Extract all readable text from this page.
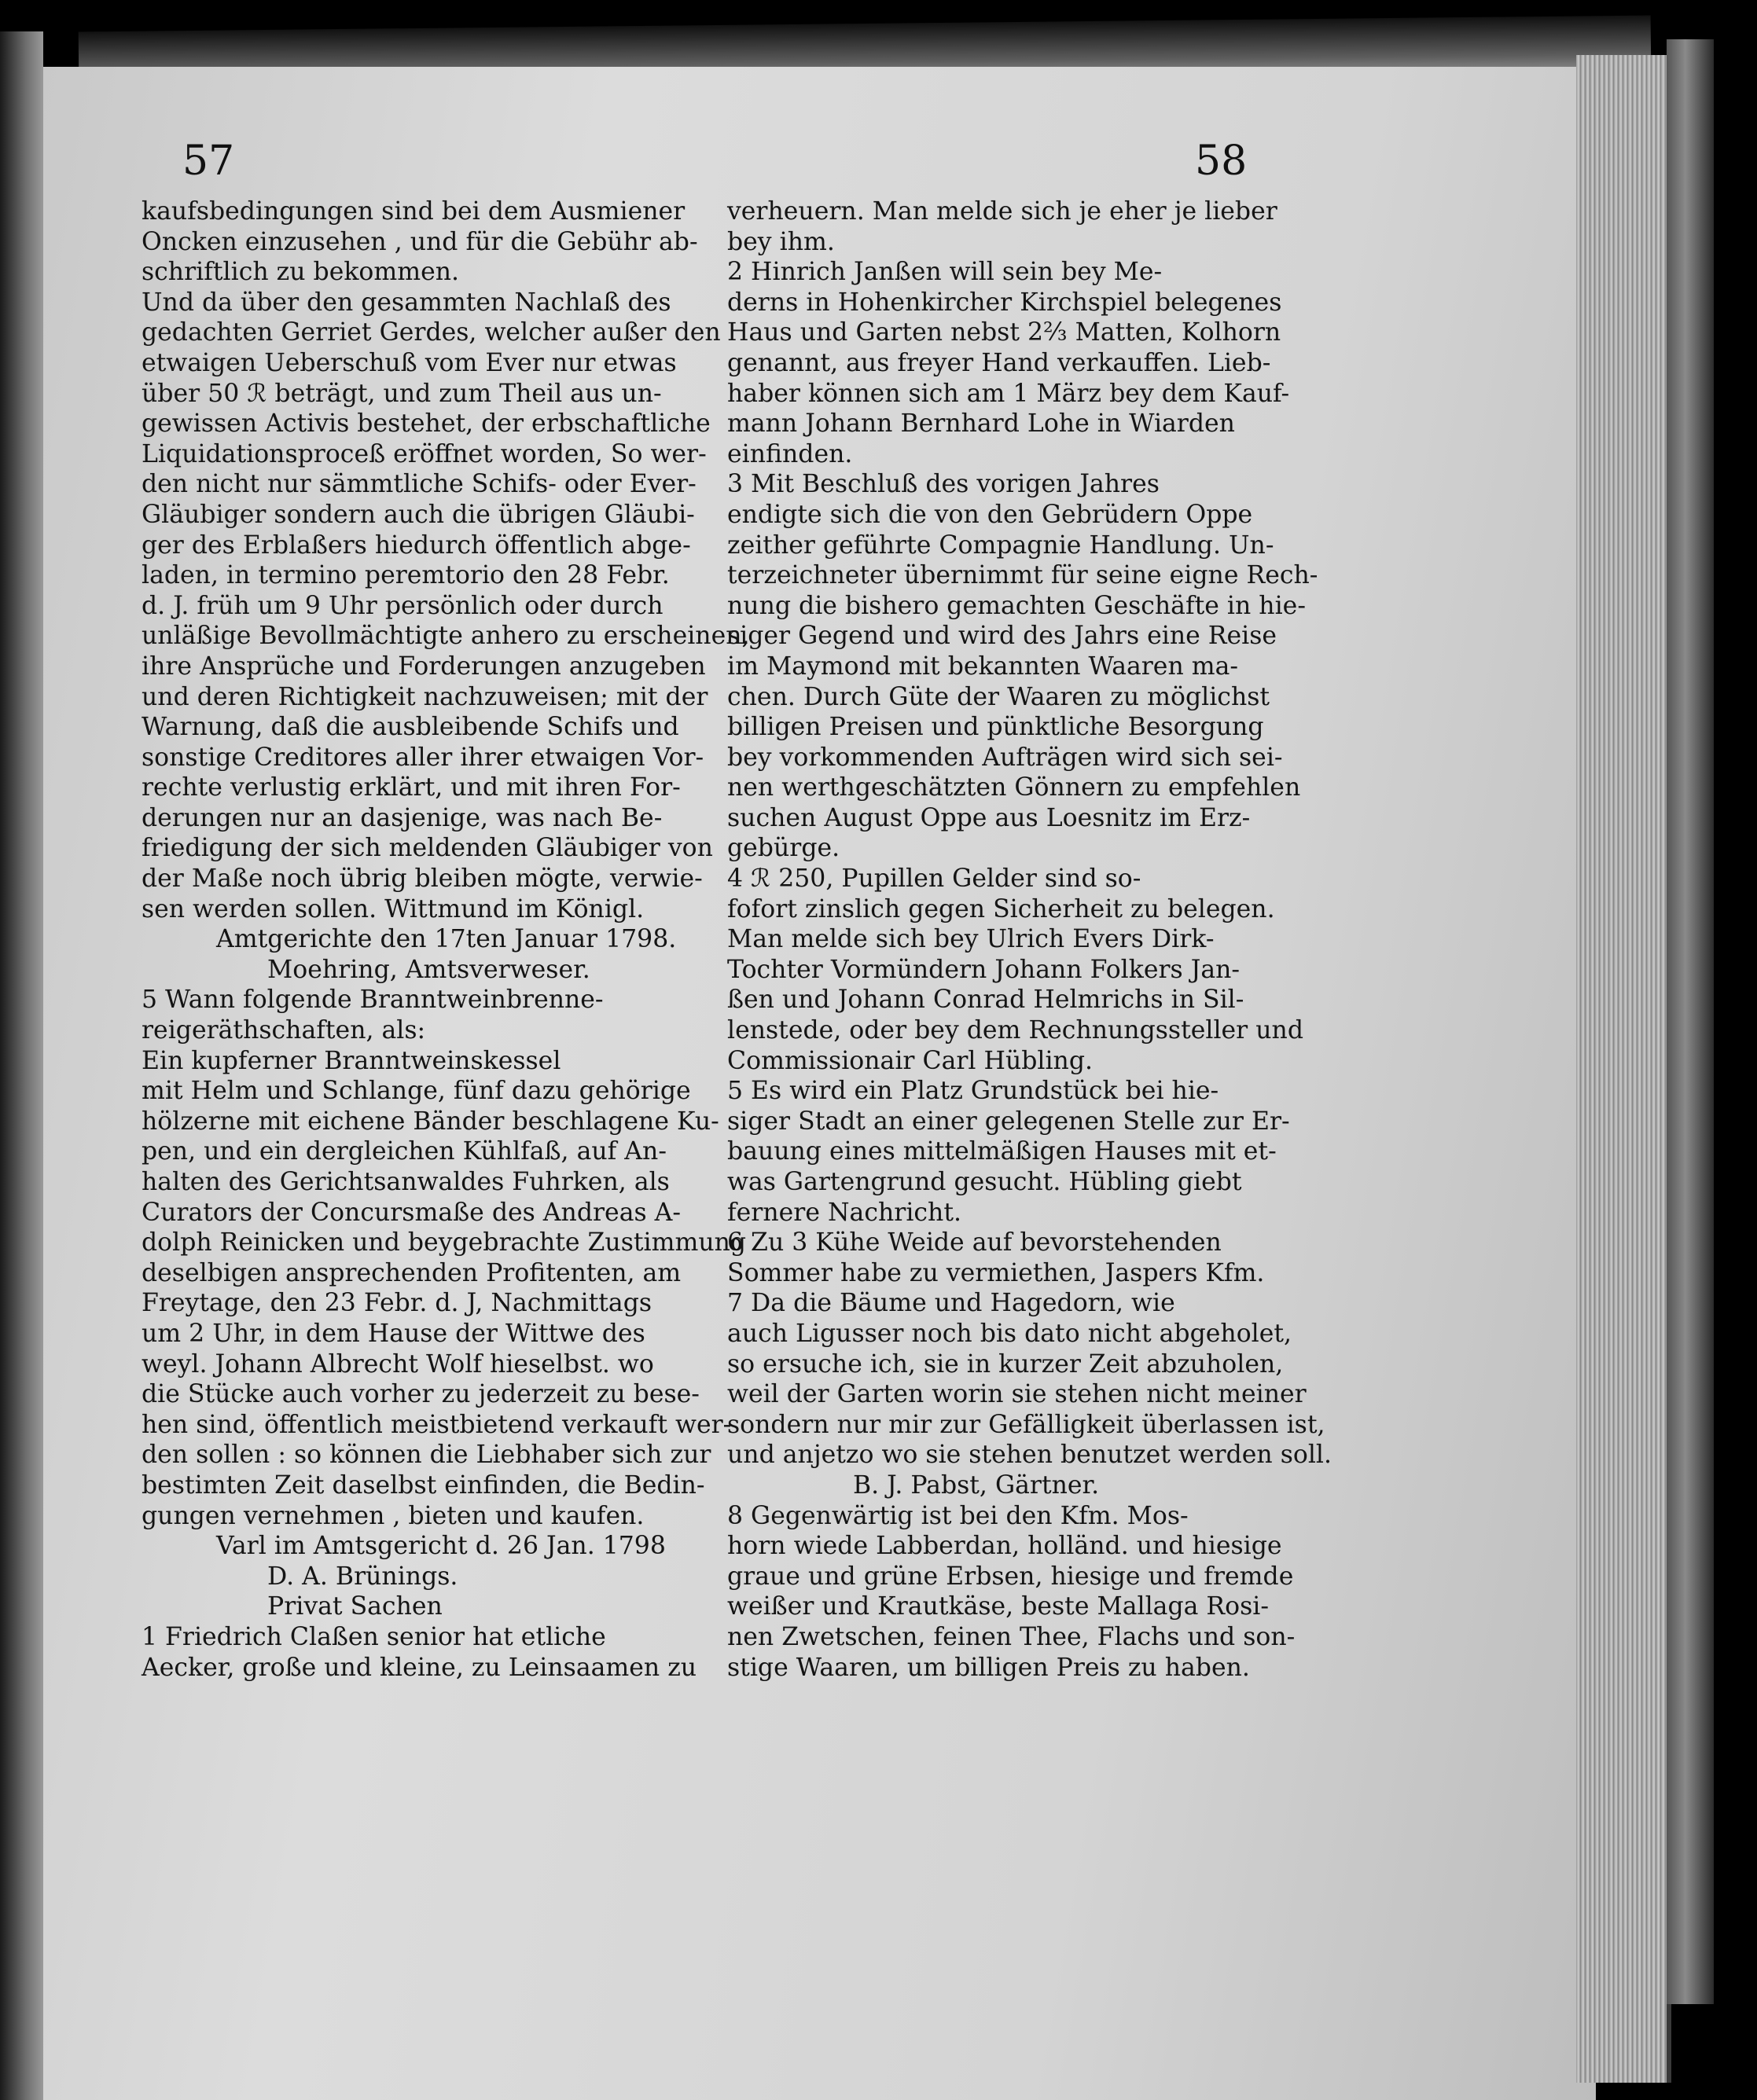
57	58
kaufsbedingungen sind bei dem Ausmiener
Oncken einzusehen , und für die Gebühr ab-
schriftlich zu bekommen.
Und da über den gesammten Nachlaß des
gedachten Gerriet Gerdes, welcher außer den
etwaigen Ueberschuß vom Ever nur etwas
über 50 ℛ beträgt, und zum Theil aus un-
gewissen Activis bestehet, der erbschaftliche
Liquidationsproceß eröffnet worden, So wer-
den nicht nur sämmtliche Schifs- oder Ever-
Gläubiger sondern auch die übrigen Gläubi-
ger des Erblaßers hiedurch öffentlich abge-
laden, in termino peremtorio den 28 Febr.
d. J. früh um 9 Uhr persönlich oder durch
unläßige Bevollmächtigte anhero zu erscheinen,
ihre Ansprüche und Forderungen anzugeben
und deren Richtigkeit nachzuweisen; mit der
Warnung, daß die ausbleibende Schifs und
sonstige Creditores aller ihrer etwaigen Vor-
rechte verlustig erklärt, und mit ihren For-
derungen nur an dasjenige, was nach Be-
friedigung der sich meldenden Gläubiger von
der Maße noch übrig bleiben mögte, verwie-
sen werden sollen. Wittmund im Königl.
Amtgerichte den 17ten Januar 1798.
Moehring, Amtsverweser.
5 Wann folgende Branntweinbrenne-
reigeräthschaften, als:
Ein kupferner Branntweinskessel
mit Helm und Schlange, fünf dazu gehörige
hölzerne mit eichene Bänder beschlagene Ku-
pen, und ein dergleichen Kühlfaß, auf An-
halten des Gerichtsanwaldes Fuhrken, als
Curators der Concursmaße des Andreas A-
dolph Reinicken und beygebrachte Zustimmung
deselbigen ansprechenden Profitenten, am
Freytage, den 23 Febr. d. J, Nachmittags
um 2 Uhr, in dem Hause der Wittwe des
weyl. Johann Albrecht Wolf hieselbst. wo
die Stücke auch vorher zu jederzeit zu bese-
hen sind, öffentlich meistbietend verkauft wer-
den sollen : so können die Liebhaber sich zur
bestimten Zeit daselbst einfinden, die Bedin-
gungen vernehmen , bieten und kaufen.
Varl im Amtsgericht d. 26 Jan. 1798
D. A. Brünings.
Privat Sachen
1 Friedrich Claßen senior hat etliche
Aecker, große und kleine, zu Leinsaamen zu
verheuern. Man melde sich je eher je lieber
bey ihm.
2 Hinrich Janßen will sein bey Me-
derns in Hohenkircher Kirchspiel belegenes
Haus und Garten nebst 2⅔ Matten, Kolhorn
genannt, aus freyer Hand verkauffen. Lieb-
haber können sich am 1 März bey dem Kauf-
mann Johann Bernhard Lohe in Wiarden
einfinden.
3 Mit Beschluß des vorigen Jahres
endigte sich die von den Gebrüdern Oppe
zeither geführte Compagnie Handlung. Un-
terzeichneter übernimmt für seine eigne Rech-
nung die bishero gemachten Geschäfte in hie-
siger Gegend und wird des Jahrs eine Reise
im Maymond mit bekannten Waaren ma-
chen. Durch Güte der Waaren zu möglichst
billigen Preisen und pünktliche Besorgung
bey vorkommenden Aufträgen wird sich sei-
nen werthgeschätzten Gönnern zu empfehlen
suchen August Oppe aus Loesnitz im Erz-
gebürge.
4 ℛ 250, Pupillen Gelder sind so-
fofort zinslich gegen Sicherheit zu belegen.
Man melde sich bey Ulrich Evers Dirk-
Tochter Vormündern Johann Folkers Jan-
ßen und Johann Conrad Helmrichs in Sil-
lenstede, oder bey dem Rechnungssteller und
Commissionair Carl Hübling.
5 Es wird ein Platz Grundstück bei hie-
siger Stadt an einer gelegenen Stelle zur Er-
bauung eines mittelmäßigen Hauses mit et-
was Gartengrund gesucht. Hübling giebt
fernere Nachricht.
6 Zu 3 Kühe Weide auf bevorstehenden
Sommer habe zu vermiethen, Jaspers Kfm.
7 Da die Bäume und Hagedorn, wie
auch Ligusser noch bis dato nicht abgeholet,
so ersuche ich, sie in kurzer Zeit abzuholen,
weil der Garten worin sie stehen nicht meiner
sondern nur mir zur Gefälligkeit überlassen ist,
und anjetzo wo sie stehen benutzet werden soll.
B. J. Pabst, Gärtner.
8 Gegenwärtig ist bei den Kfm. Mos-
horn wiede Labberdan, holländ. und hiesige
graue und grüne Erbsen, hiesige und fremde
weißer und Krautkäse, beste Mallaga Rosi-
nen Zwetschen, feinen Thee, Flachs und son-
stige Waaren, um billigen Preis zu haben.
